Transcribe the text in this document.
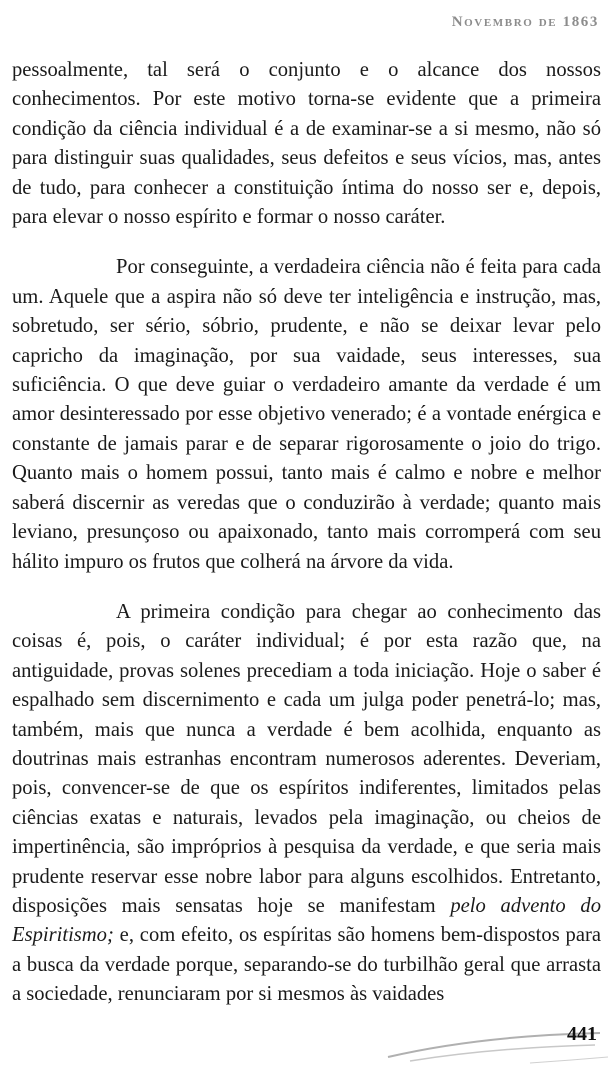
Novembro de 1863

pessoalmente, tal será o conjunto e o alcance dos nossos conhecimentos. Por este motivo torna-se evidente que a primeira condição da ciência individual é a de examinar-se a si mesmo, não só para distinguir suas qualidades, seus defeitos e seus vícios, mas, antes de tudo, para conhecer a constituição íntima do nosso ser e, depois, para elevar o nosso espírito e formar o nosso caráter.

Por conseguinte, a verdadeira ciência não é feita para cada um. Aquele que a aspira não só deve ter inteligência e instrução, mas, sobretudo, ser sério, sóbrio, prudente, e não se deixar levar pelo capricho da imaginação, por sua vaidade, seus interesses, sua suficiência. O que deve guiar o verdadeiro amante da verdade é um amor desinteressado por esse objetivo venerado; é a vontade enérgica e constante de jamais parar e de separar rigorosamente o joio do trigo. Quanto mais o homem possui, tanto mais é calmo e nobre e melhor saberá discernir as veredas que o conduzirão à verdade; quanto mais leviano, presunçoso ou apaixonado, tanto mais corromperá com seu hálito impuro os frutos que colherá na árvore da vida.

A primeira condição para chegar ao conhecimento das coisas é, pois, o caráter individual; é por esta razão que, na antiguidade, provas solenes precediam a toda iniciação. Hoje o saber é espalhado sem discernimento e cada um julga poder penetrá-lo; mas, também, mais que nunca a verdade é bem acolhida, enquanto as doutrinas mais estranhas encontram numerosos aderentes. Deveriam, pois, convencer-se de que os espíritos indiferentes, limitados pelas ciências exatas e naturais, levados pela imaginação, ou cheios de impertinência, são impróprios à pesquisa da verdade, e que seria mais prudente reservar esse nobre labor para alguns escolhidos. Entretanto, disposições mais sensatas hoje se manifestam pelo advento do Espiritismo; e, com efeito, os espíritas são homens bem-dispostos para a busca da verdade porque, separando-se do turbilhão geral que arrasta a sociedade, renunciaram por si mesmos às vaidades

441
